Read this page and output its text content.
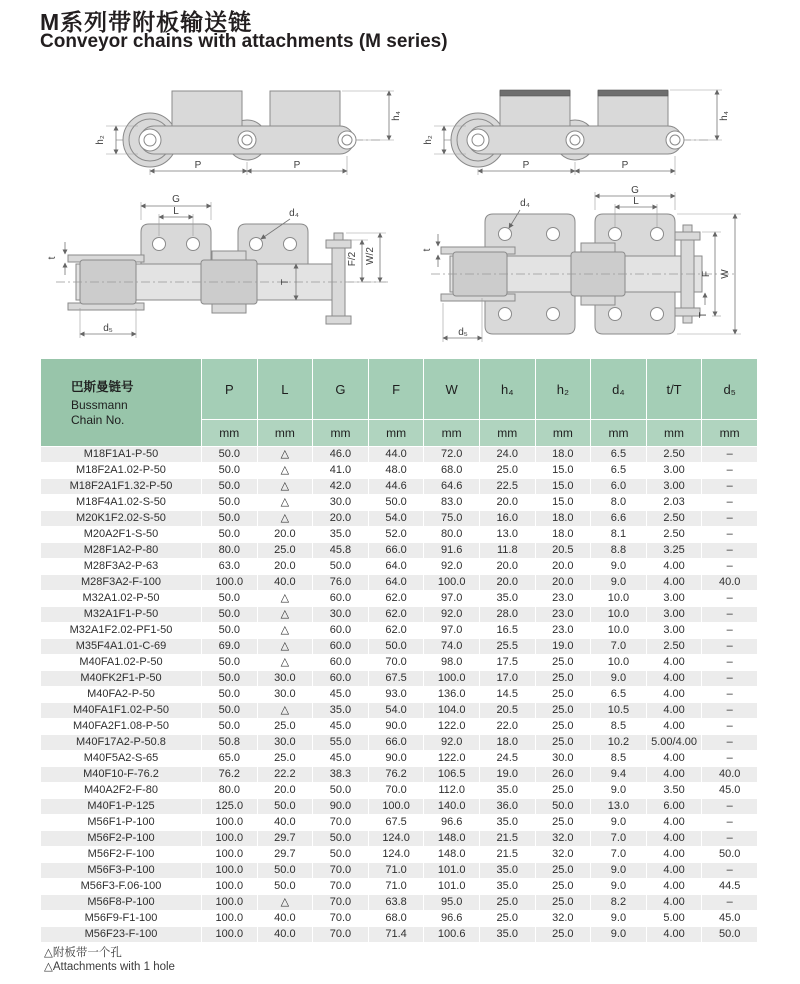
M系列带附板输送链
Conveyor chains with attachments (M series)
h₂
h₄
P	P
h₂
h₄
P	P
G
L	d₄
t
d₅
T
F/2 W/2
G
L
d₄
t
d₅
T
F W
巴斯曼链号
Bussmann
Chain No.	P	L	G	F	W	h₄	h₂	d₄	t/T	d₅
	mm	mm	mm	mm	mm	mm	mm	mm	mm	mm
M18F1A1-P-50	50.0	△	46.0	44.0	72.0	24.0	18.0	6.5	2.50	–
M18F2A1.02-P-50	50.0	△	41.0	48.0	68.0	25.0	15.0	6.5	3.00	–
M18F2A1F1.32-P-50	50.0	△	42.0	44.6	64.6	22.5	15.0	6.0	3.00	–
M18F4A1.02-S-50	50.0	△	30.0	50.0	83.0	20.0	15.0	8.0	2.03	–
M20K1F2.02-S-50	50.0	△	20.0	54.0	75.0	16.0	18.0	6.6	2.50	–
M20A2F1-S-50	50.0	20.0	35.0	52.0	80.0	13.0	18.0	8.1	2.50	–
M28F1A2-P-80	80.0	25.0	45.8	66.0	91.6	11.8	20.5	8.8	3.25	–
M28F3A2-P-63	63.0	20.0	50.0	64.0	92.0	20.0	20.0	9.0	4.00	–
M28F3A2-F-100	100.0	40.0	76.0	64.0	100.0	20.0	20.0	9.0	4.00	40.0
M32A1.02-P-50	50.0	△	60.0	62.0	97.0	35.0	23.0	10.0	3.00	–
M32A1F1-P-50	50.0	△	30.0	62.0	92.0	28.0	23.0	10.0	3.00	–
M32A1F2.02-PF1-50	50.0	△	60.0	62.0	97.0	16.5	23.0	10.0	3.00	–
M35F4A1.01-C-69	69.0	△	60.0	50.0	74.0	25.5	19.0	7.0	2.50	–
M40FA1.02-P-50	50.0	△	60.0	70.0	98.0	17.5	25.0	10.0	4.00	–
M40FK2F1-P-50	50.0	30.0	60.0	67.5	100.0	17.0	25.0	9.0	4.00	–
M40FA2-P-50	50.0	30.0	45.0	93.0	136.0	14.5	25.0	6.5	4.00	–
M40FA1F1.02-P-50	50.0	△	35.0	54.0	104.0	20.5	25.0	10.5	4.00	–
M40FA2F1.08-P-50	50.0	25.0	45.0	90.0	122.0	22.0	25.0	8.5	4.00	–
M40F17A2-P-50.8	50.8	30.0	55.0	66.0	92.0	18.0	25.0	10.2	5.00/4.00	–
M40F5A2-S-65	65.0	25.0	45.0	90.0	122.0	24.5	30.0	8.5	4.00	–
M40F10-F-76.2	76.2	22.2	38.3	76.2	106.5	19.0	26.0	9.4	4.00	40.0
M40A2F2-F-80	80.0	20.0	50.0	70.0	112.0	35.0	25.0	9.0	3.50	45.0
M40F1-P-125	125.0	50.0	90.0	100.0	140.0	36.0	50.0	13.0	6.00	–
M56F1-P-100	100.0	40.0	70.0	67.5	96.6	35.0	25.0	9.0	4.00	–
M56F2-P-100	100.0	29.7	50.0	124.0	148.0	21.5	32.0	7.0	4.00	–
M56F2-F-100	100.0	29.7	50.0	124.0	148.0	21.5	32.0	7.0	4.00	50.0
M56F3-P-100	100.0	50.0	70.0	71.0	101.0	35.0	25.0	9.0	4.00	–
M56F3-F.06-100	100.0	50.0	70.0	71.0	101.0	35.0	25.0	9.0	4.00	44.5
M56F8-P-100	100.0	△	70.0	63.8	95.0	25.0	25.0	8.2	4.00	–
M56F9-F1-100	100.0	40.0	70.0	68.0	96.6	25.0	32.0	9.0	5.00	45.0
M56F23-F-100	100.0	40.0	70.0	71.4	100.6	35.0	25.0	9.0	4.00	50.0
△附板带一个孔
△Attachments with 1 hole
